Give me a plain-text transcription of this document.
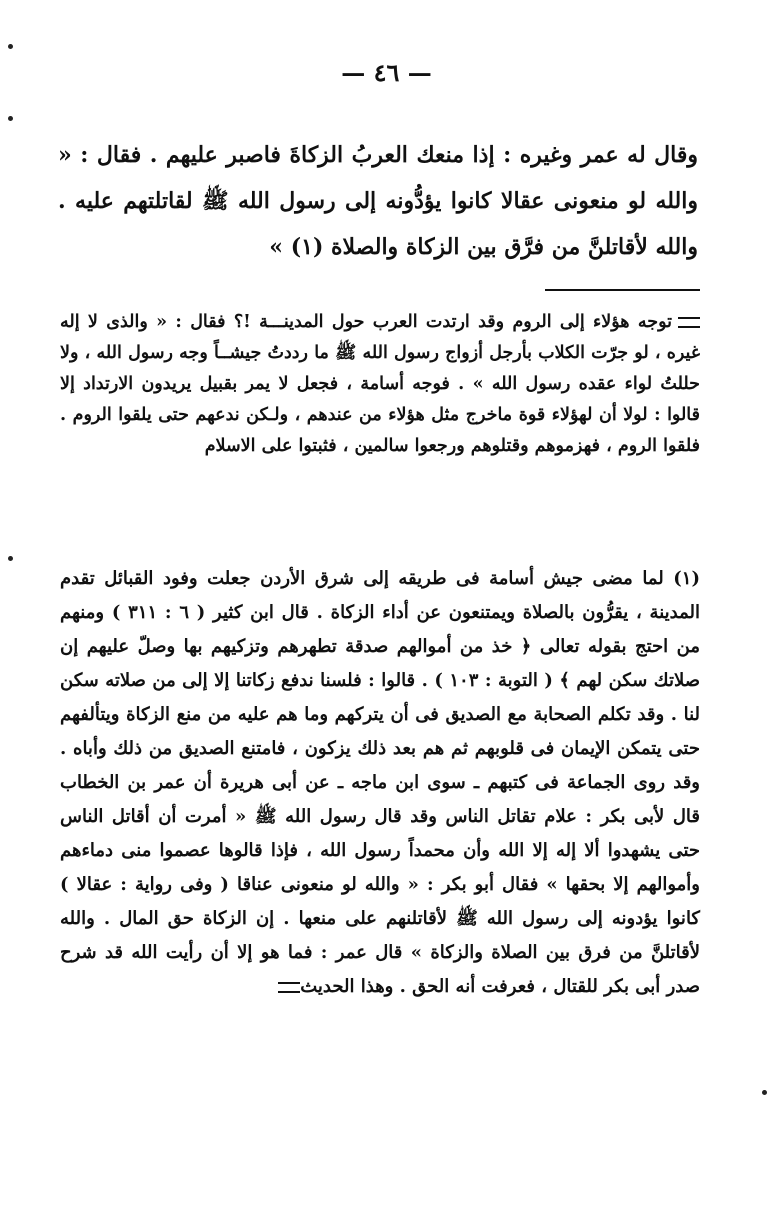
— ٤٦ —

وقال له عمر وغيره : إذا منعك العربُ الزكاةَ فاصبر عليهم . فقال : « والله لو منعونى عقالا كانوا يؤدُّونه إلى رسول الله ﷺ لقاتلتهم عليه . والله لأقاتلنَّ من فرَّق بين الزكاة والصلاة (١) »

توجه هؤلاء إلى الروم وقد ارتدت العرب حول المدينـــة !؟ فقال : « والذى لا إله غيره ، لو جرّت الكلاب بأرجل أزواج رسول الله ﷺ ما رددتُ جيشــاً وجه رسول الله ، ولا حللتُ لواء عقده رسول الله » . فوجه أسامة ، فجعل لا يمر بقبيل يريدون الارتداد إلا قالوا : لولا أن لهؤلاء قوة ماخرج مثل هؤلاء من عندهم ، ولـكن ندعهم حتى يلقوا الروم . فلقوا الروم ، فهزموهم وقتلوهم ورجعوا سالمين ، فثبتوا على الاسلام

(١) لما مضى جيش أسامة فى طريقه إلى شرق الأردن جعلت وفود القبائل تقدم المدينة ، يقرُّون بالصلاة ويمتنعون عن أداء الزكاة . قال ابن كثير ( ٦ : ٣١١ ) ومنهم من احتج بقوله تعالى ﴿ خذ من أموالهم صدقة تطهرهم وتزكيهم بها وصلّ عليهم إن صلاتك سكن لهم ﴾ ( التوبة : ١٠٣ ) . قالوا : فلسنا ندفع زكاتنا إلا إلى من صلاته سكن لنا . وقد تكلم الصحابة مع الصديق فى أن يتركهم وما هم عليه من منع الزكاة ويتألفهم حتى يتمكن الإيمان فى قلوبهم ثم هم بعد ذلك يزكون ، فامتنع الصديق من ذلك وأباه . وقد روى الجماعة فى كتبهم ـ سوى ابن ماجه ـ عن أبى هريرة أن عمر بن الخطاب قال لأبى بكر : علام تقاتل الناس وقد قال رسول الله ﷺ « أمرت أن أقاتل الناس حتى يشهدوا ألا إله إلا الله وأن محمداً رسول الله ، فإذا قالوها عصموا منى دماءهم وأموالهم إلا بحقها » فقال أبو بكر : « والله لو منعونى عناقا ( وفى رواية : عقالا ) كانوا يؤدونه إلى رسول الله ﷺ لأقاتلنهم على منعها . إن الزكاة حق المال . والله لأقاتلنَّ من فرق بين الصلاة والزكاة » قال عمر : فما هو إلا أن رأيت الله قد شرح صدر أبى بكر للقتال ، فعرفت أنه الحق . وهذا الحديث
